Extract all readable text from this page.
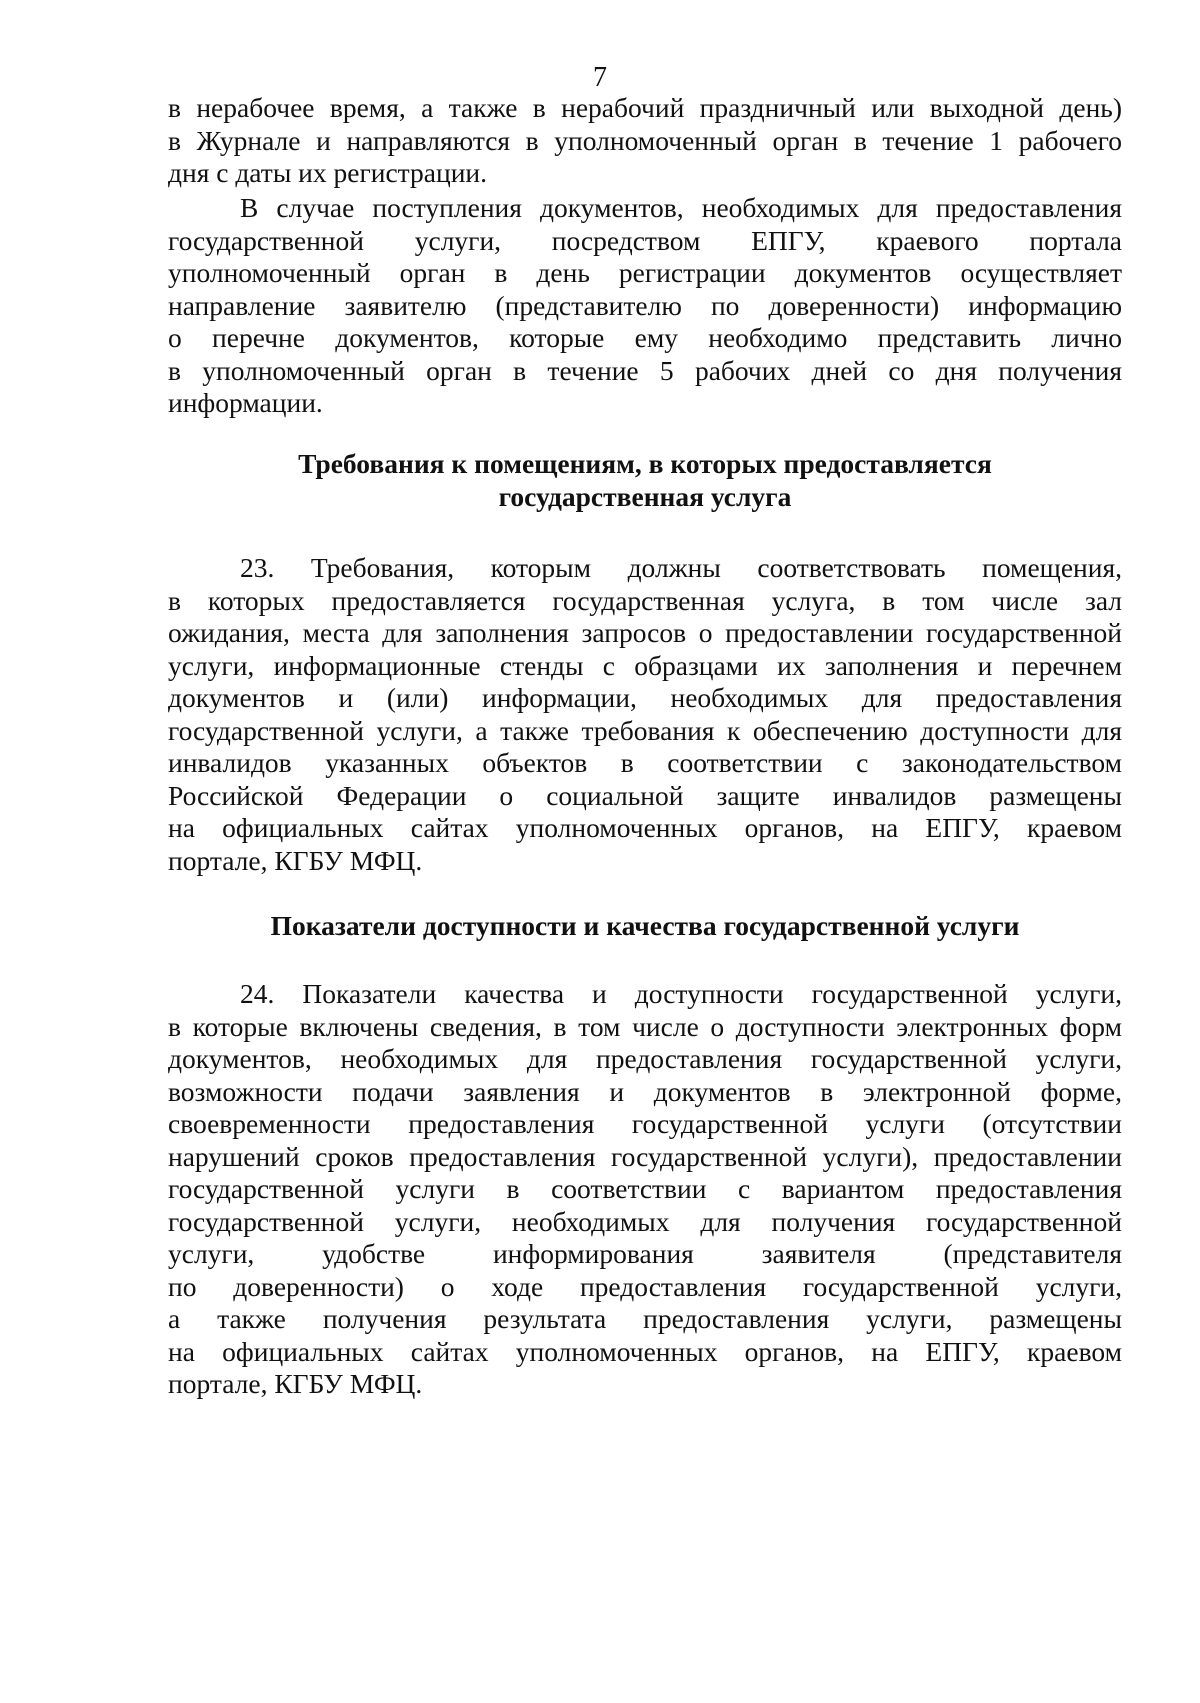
7
в нерабочее время, а также в нерабочий праздничный или выходной день)
в Журнале и направляются в уполномоченный орган в течение 1 рабочего
дня с даты их регистрации.
В случае поступления документов, необходимых для предоставления
государственной услуги, посредством ЕПГУ, краевого портала
уполномоченный орган в день регистрации документов осуществляет
направление заявителю (представителю по доверенности) информацию
о перечне документов, которые ему необходимо представить лично
в уполномоченный орган в течение 5 рабочих дней со дня получения
информации.
Требования к помещениям, в которых предоставляется
государственная услуга
23. Требования, которым должны соответствовать помещения,
в которых предоставляется государственная услуга, в том числе зал
ожидания, места для заполнения запросов о предоставлении государственной
услуги, информационные стенды с образцами их заполнения и перечнем
документов и (или) информации, необходимых для предоставления
государственной услуги, а также требования к обеспечению доступности для
инвалидов указанных объектов в соответствии с законодательством
Российской Федерации о социальной защите инвалидов размещены
на официальных сайтах уполномоченных органов, на ЕПГУ, краевом
портале, КГБУ МФЦ.
Показатели доступности и качества государственной услуги
24. Показатели качества и доступности государственной услуги,
в которые включены сведения, в том числе о доступности электронных форм
документов, необходимых для предоставления государственной услуги,
возможности подачи заявления и документов в электронной форме,
своевременности предоставления государственной услуги (отсутствии
нарушений сроков предоставления государственной услуги), предоставлении
государственной услуги в соответствии с вариантом предоставления
государственной услуги, необходимых для получения государственной
услуги, удобстве информирования заявителя (представителя
по доверенности) о ходе предоставления государственной услуги,
а также получения результата предоставления услуги, размещены
на официальных сайтах уполномоченных органов, на ЕПГУ, краевом
портале, КГБУ МФЦ.
